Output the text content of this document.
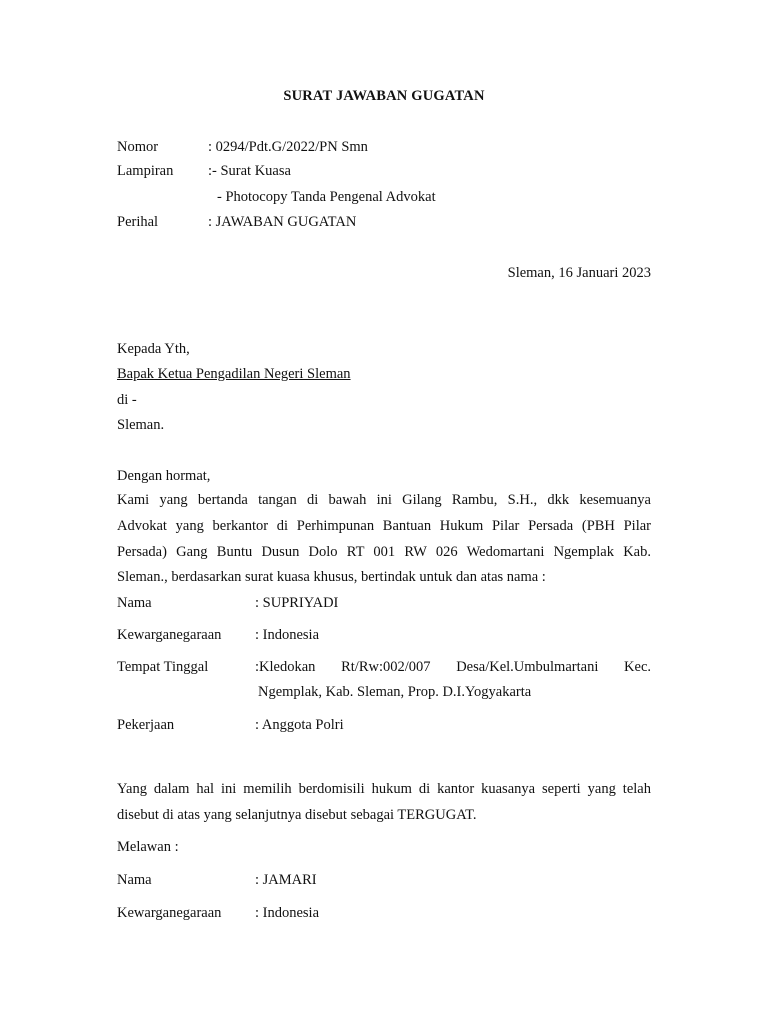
SURAT JAWABAN GUGATAN
Nomor	: 0294/Pdt.G/2022/PN Smn
Lampiran :- Surat Kuasa
- Photocopy Tanda Pengenal Advokat
Perihal	: JAWABAN GUGATAN
Sleman, 16 Januari 2023
Kepada Yth,
Bapak Ketua Pengadilan Negeri Sleman
di -
Sleman.
Dengan hormat,
Kami yang bertanda tangan di bawah ini Gilang Rambu, S.H., dkk kesemuanya
Advokat yang berkantor di Perhimpunan Bantuan Hukum Pilar Persada (PBH Pilar
Persada) Gang Buntu Dusun Dolo RT 001 RW 026 Wedomartani Ngemplak Kab.
Sleman., berdasarkan surat kuasa khusus, bertindak untuk dan atas nama :
Nama	: SUPRIYADI
Kewarganegaraan : Indonesia
Tempat Tinggal	:Kledokan Rt/Rw:002/007 Desa/Kel.Umbulmartani Kec.
Ngemplak, Kab. Sleman, Prop. D.I.Yogyakarta
Pekerjaan	: Anggota Polri
Yang dalam hal ini memilih berdomisili hukum di kantor kuasanya seperti yang telah
disebut di atas yang selanjutnya disebut sebagai TERGUGAT.
Melawan :
Nama	: JAMARI
Kewarganegaraan : Indonesia
